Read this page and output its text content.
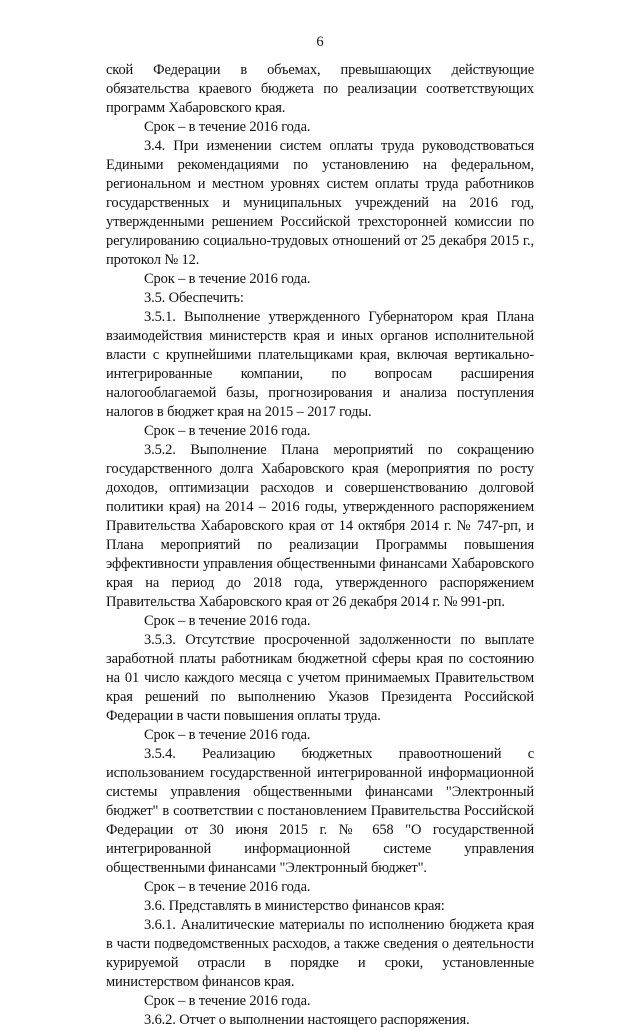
6

ской Федерации в объемах, превышающих действующие обязательства краевого бюджета по реализации соответствующих программ Хабаровского края.

Срок – в течение 2016 года.

3.4. При изменении систем оплаты труда руководствоваться Едиными рекомендациями по установлению на федеральном, региональном и местном уровнях систем оплаты труда работников государственных и муниципальных учреждений на 2016 год, утвержденными решением Российской трехсторонней комиссии по регулированию социально-трудовых отношений от 25 декабря 2015 г., протокол № 12.

Срок – в течение 2016 года.

3.5. Обеспечить:

3.5.1. Выполнение утвержденного Губернатором края Плана взаимодействия министерств края и иных органов исполнительной власти с крупнейшими плательщиками края, включая вертикально-интегрированные компании, по вопросам расширения налогооблагаемой базы, прогнозирования и анализа поступления налогов в бюджет края на 2015 – 2017 годы.

Срок – в течение 2016 года.

3.5.2. Выполнение Плана мероприятий по сокращению государственного долга Хабаровского края (мероприятия по росту доходов, оптимизации расходов и совершенствованию долговой политики края) на 2014 – 2016 годы, утвержденного распоряжением Правительства Хабаровского края от 14 октября 2014 г. № 747-рп, и Плана мероприятий по реализации Программы повышения эффективности управления общественными финансами Хабаровского края на период до 2018 года, утвержденного распоряжением Правительства Хабаровского края от 26 декабря 2014 г. № 991-рп.

Срок – в течение 2016 года.

3.5.3. Отсутствие просроченной задолженности по выплате заработной платы работникам бюджетной сферы края по состоянию на 01 число каждого месяца с учетом принимаемых Правительством края решений по выполнению Указов Президента Российской Федерации в части повышения оплаты труда.

Срок – в течение 2016 года.

3.5.4. Реализацию бюджетных правоотношений с использованием государственной интегрированной информационной системы управления общественными финансами "Электронный бюджет" в соответствии с постановлением Правительства Российской Федерации от 30 июня 2015 г. № 658 "О государственной интегрированной информационной системе управления общественными финансами "Электронный бюджет".

Срок – в течение 2016 года.

3.6. Представлять в министерство финансов края:

3.6.1. Аналитические материалы по исполнению бюджета края в части подведомственных расходов, а также сведения о деятельности курируемой отрасли в порядке и сроки, установленные министерством финансов края.

Срок – в течение 2016 года.

3.6.2. Отчет о выполнении настоящего распоряжения.
